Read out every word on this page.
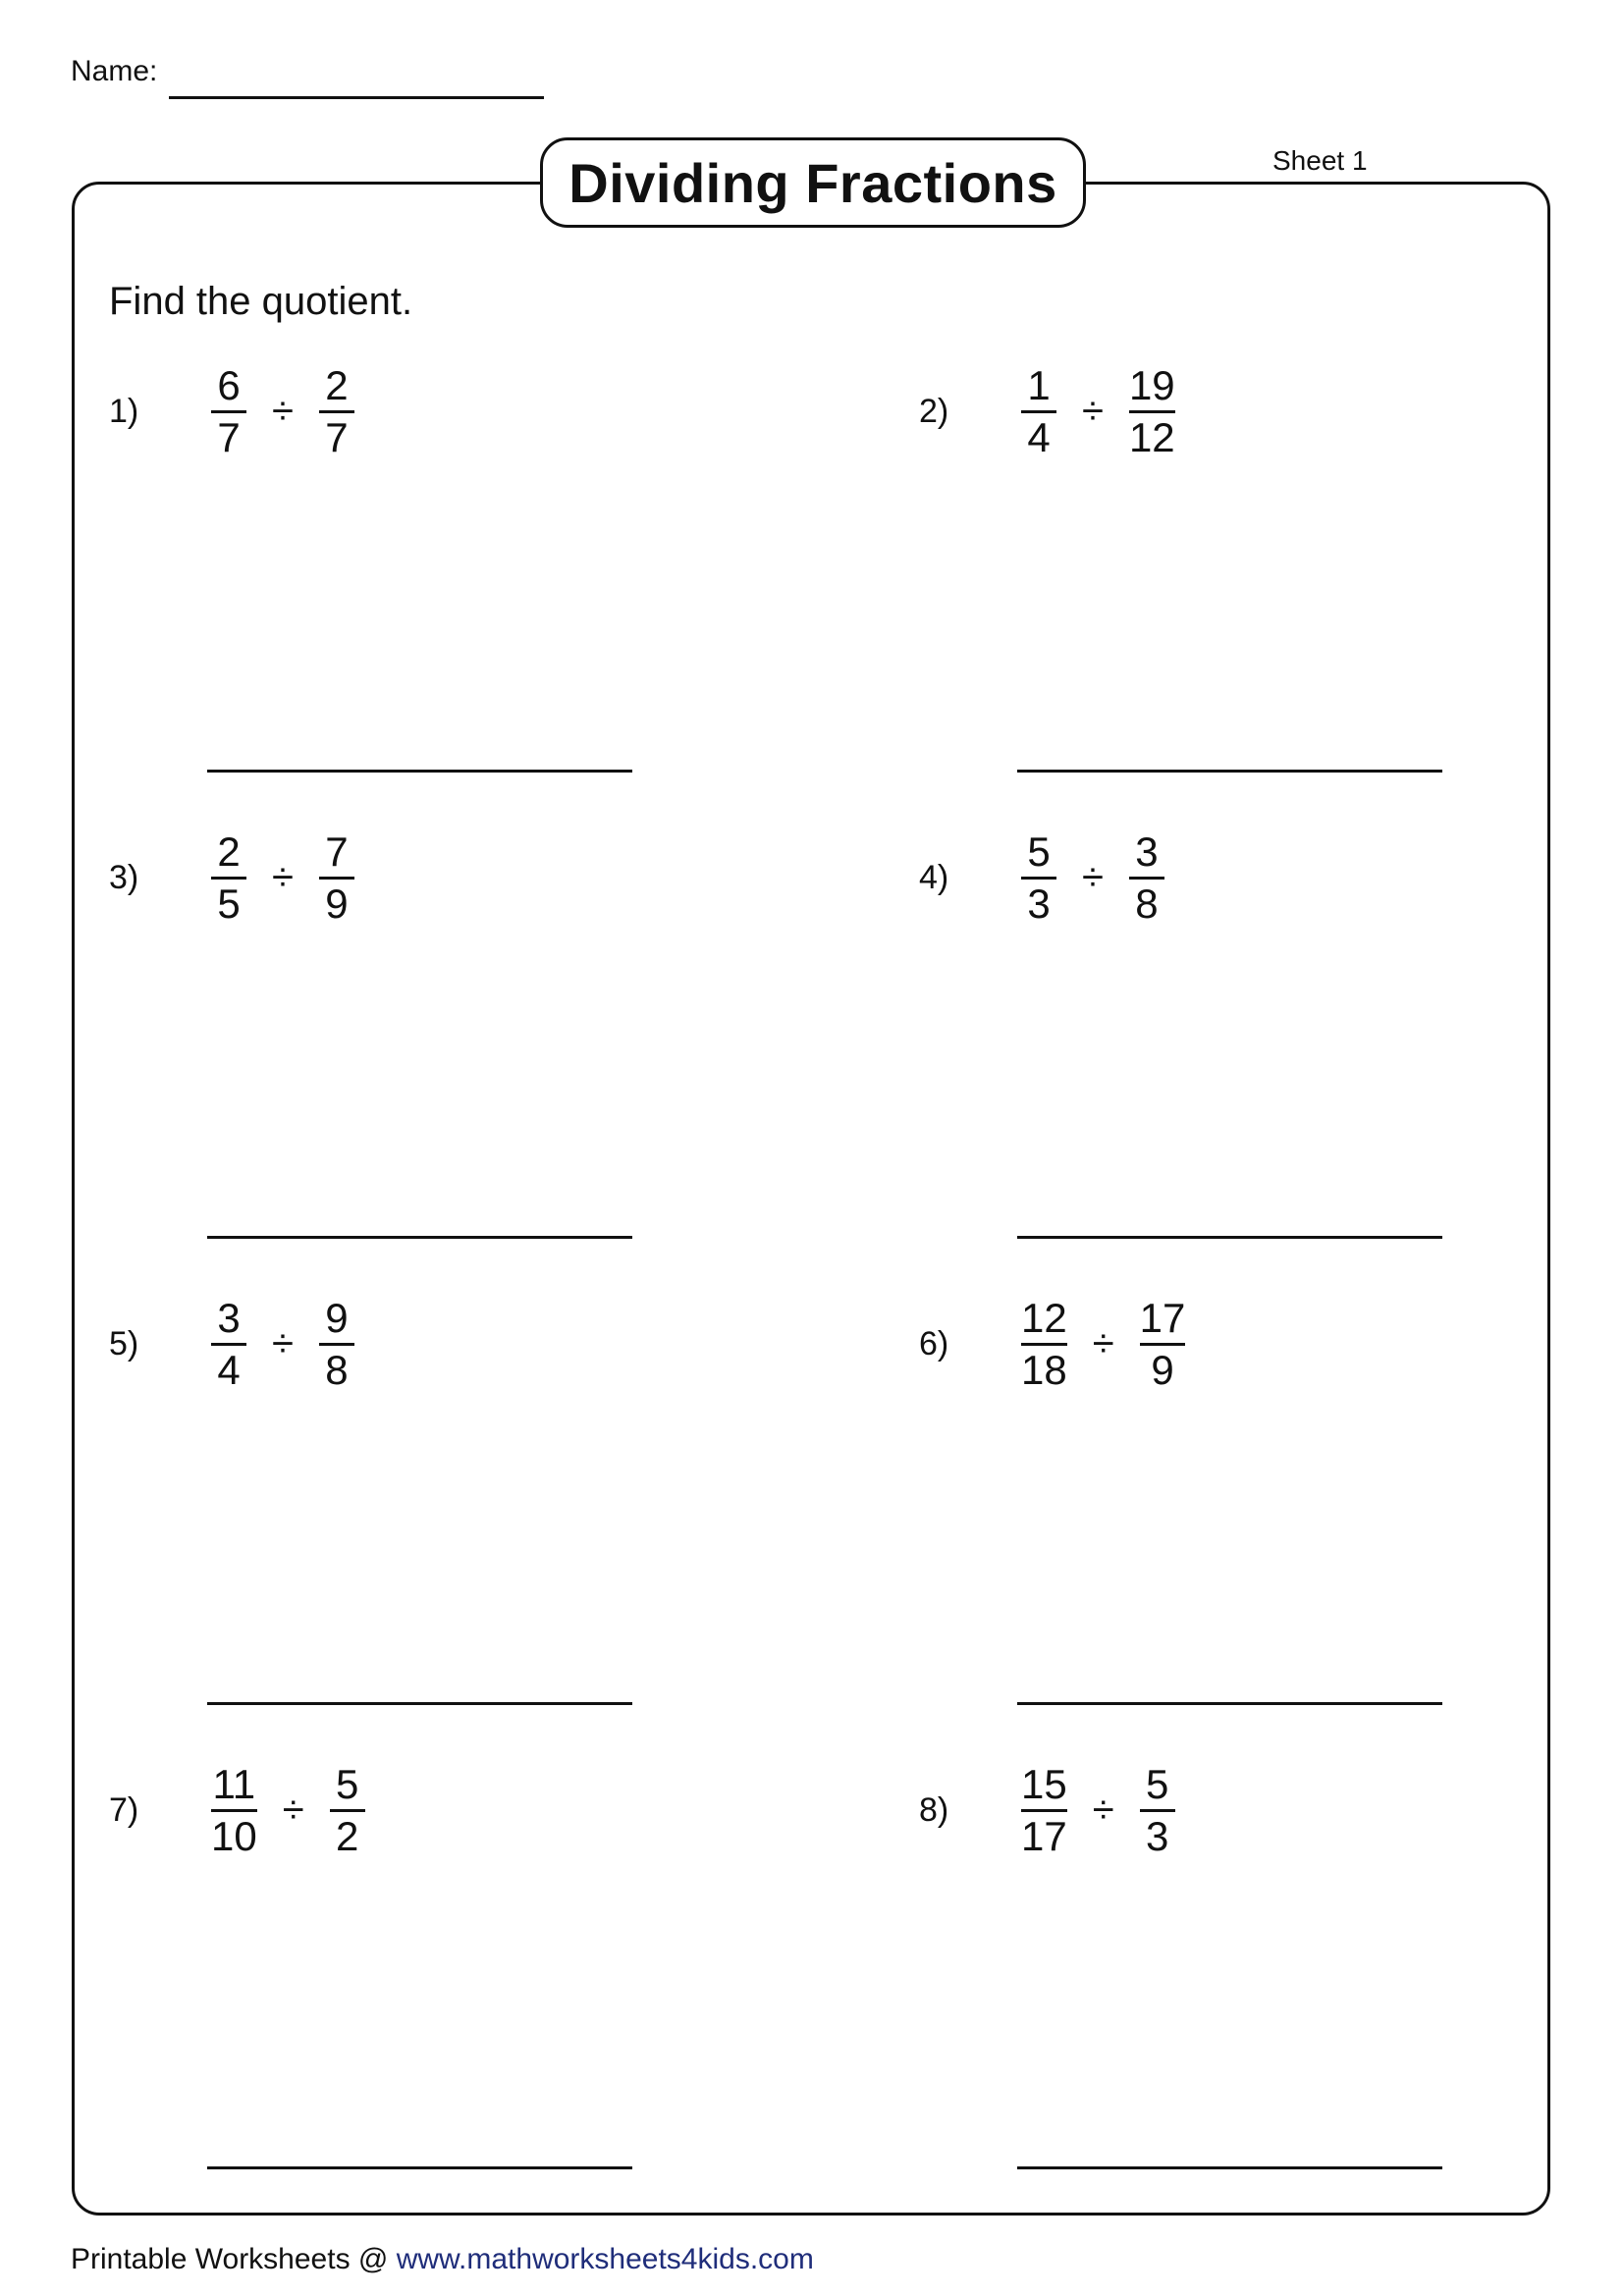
Name:
Dividing Fractions	Sheet 1
Find the quotient.
$1) \frac{6}{7} \div \frac{2}{7}$	$2) \frac{1}{4} \div \frac{19}{12}$
$3) \frac{2}{5} \div \frac{7}{9}$	$4) \frac{5}{3} \div \frac{3}{8}$
$5) \frac{3}{4} \div \frac{9}{8}$	$6) \frac{12}{18} \div \frac{17}{9}$
$7) \frac{11}{10} \div \frac{5}{2}$	$8) \frac{15}{17} \div \frac{5}{3}$
Printable Worksheets @ www.mathworksheets4kids.com
